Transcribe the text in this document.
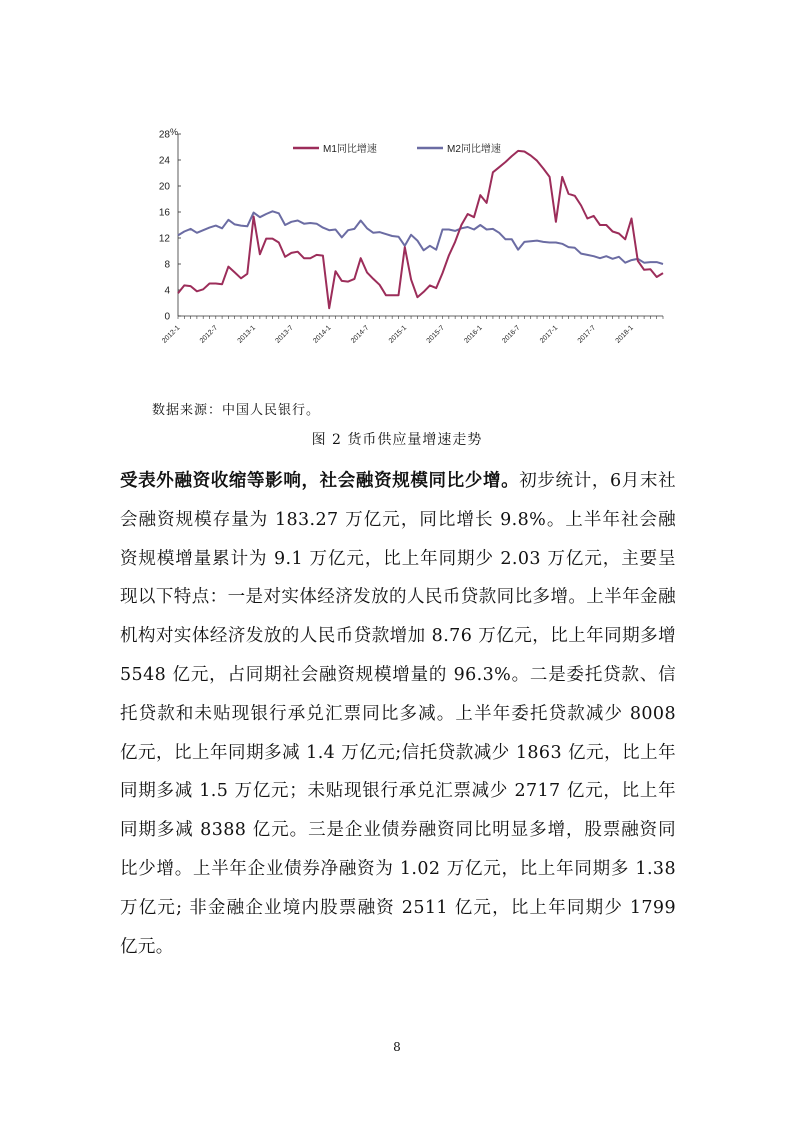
0
4
8
12
16
20
24
28 %
2012-1 2012-7 2013-1 2013-7 2014-1 2014-7 2015-1 2015-7 2016-1 2016-7 2017-1 2017-7 2018-1
M1同比增速	M2同比增速
数据来源：中国人民银行。
图 2 货币供应量增速走势
受表外融资收缩等影响，社会融资规模同比少增。初步统计，6月末社会融资规模存量为 183.27 万亿元，同比增长 9.8%。上半年社会融资规模增量累计为 9.1 万亿元，比上年同期少 2.03 万亿元，主要呈现以下特点：一是对实体经济发放的人民币贷款同比多增。上半年金融机构对实体经济发放的人民币贷款增加 8.76 万亿元，比上年同期多增 5548 亿元，占同期社会融资规模增量的 96.3%。二是委托贷款、信托贷款和未贴现银行承兑汇票同比多减。上半年委托贷款减少 8008 亿元，比上年同期多减 1.4 万亿元;信托贷款减少 1863 亿元，比上年同期多减 1.5 万亿元；未贴现银行承兑汇票减少 2717 亿元，比上年同期多减 8388 亿元。三是企业债券融资同比明显多增，股票融资同比少增。上半年企业债券净融资为 1.02 万亿元，比上年同期多 1.38 万亿元; 非金融企业境内股票融资 2511 亿元，比上年同期少 1799 亿元。
8
